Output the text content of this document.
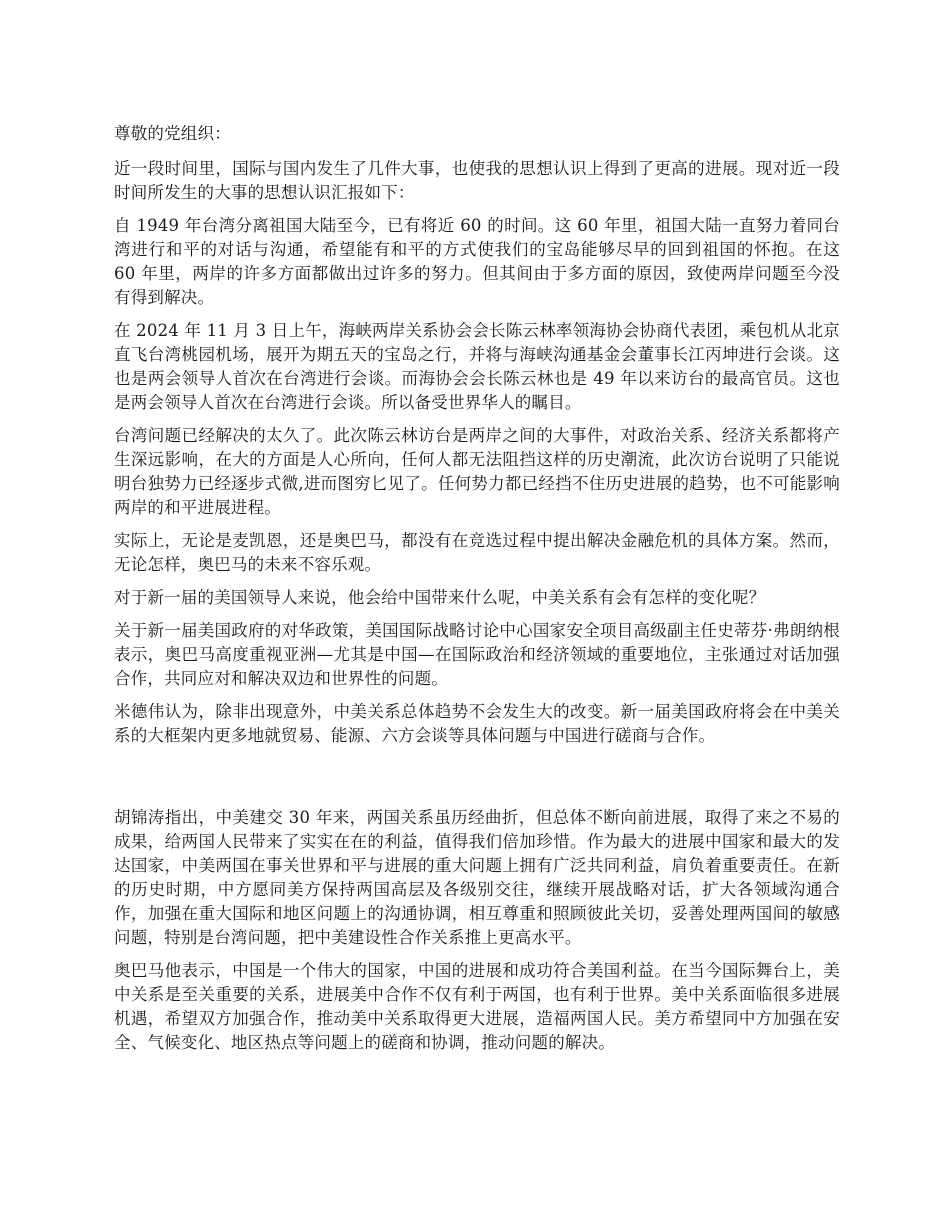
尊敬的党组织：

近一段时间里，国际与国内发生了几件大事，也使我的思想认识上得到了更高的进展。现对近一段时间所发生的大事的思想认识汇报如下：

自 1949 年台湾分离祖国大陆至今，已有将近 60 的时间。这 60 年里，祖国大陆一直努力着同台湾进行和平的对话与沟通，希望能有和平的方式使我们的宝岛能够尽早的回到祖国的怀抱。在这 60 年里，两岸的许多方面都做出过许多的努力。但其间由于多方面的原因，致使两岸问题至今没有得到解决。

在 2024 年 11 月 3 日上午，海峡两岸关系协会会长陈云林率领海协会协商代表团，乘包机从北京直飞台湾桃园机场，展开为期五天的宝岛之行，并将与海峡沟通基金会董事长江丙坤进行会谈。这也是两会领导人首次在台湾进行会谈。而海协会会长陈云林也是 49 年以来访台的最高官员。这也是两会领导人首次在台湾进行会谈。所以备受世界华人的瞩目。

台湾问题已经解决的太久了。此次陈云林访台是两岸之间的大事件，对政治关系、经济关系都将产生深远影响，在大的方面是人心所向，任何人都无法阻挡这样的历史潮流，此次访台说明了只能说明台独势力已经逐步式微,进而图穷匕见了。任何势力都已经挡不住历史进展的趋势，也不可能影响两岸的和平进展进程。

实际上，无论是麦凯恩，还是奥巴马，都没有在竞选过程中提出解决金融危机的具体方案。然而，无论怎样，奥巴马的未来不容乐观。

对于新一届的美国领导人来说，他会给中国带来什么呢，中美关系有会有怎样的变化呢？

关于新一届美国政府的对华政策，美国国际战略讨论中心国家安全项目高级副主任史蒂芬·弗朗纳根表示，奥巴马高度重视亚洲—尤其是中国—在国际政治和经济领域的重要地位，主张通过对话加强合作，共同应对和解决双边和世界性的问题。

米德伟认为，除非出现意外，中美关系总体趋势不会发生大的改变。新一届美国政府将会在中美关系的大框架内更多地就贸易、能源、六方会谈等具体问题与中国进行磋商与合作。

胡锦涛指出，中美建交 30 年来，两国关系虽历经曲折，但总体不断向前进展，取得了来之不易的成果，给两国人民带来了实实在在的利益，值得我们倍加珍惜。作为最大的进展中国家和最大的发达国家，中美两国在事关世界和平与进展的重大问题上拥有广泛共同利益，肩负着重要责任。在新的历史时期，中方愿同美方保持两国高层及各级别交往，继续开展战略对话，扩大各领域沟通合作，加强在重大国际和地区问题上的沟通协调，相互尊重和照顾彼此关切，妥善处理两国间的敏感问题，特别是台湾问题，把中美建设性合作关系推上更高水平。

奥巴马他表示，中国是一个伟大的国家，中国的进展和成功符合美国利益。在当今国际舞台上，美中关系是至关重要的关系，进展美中合作不仅有利于两国，也有利于世界。美中关系面临很多进展机遇，希望双方加强合作，推动美中关系取得更大进展，造福两国人民。美方希望同中方加强在安全、气候变化、地区热点等问题上的磋商和协调，推动问题的解决。
